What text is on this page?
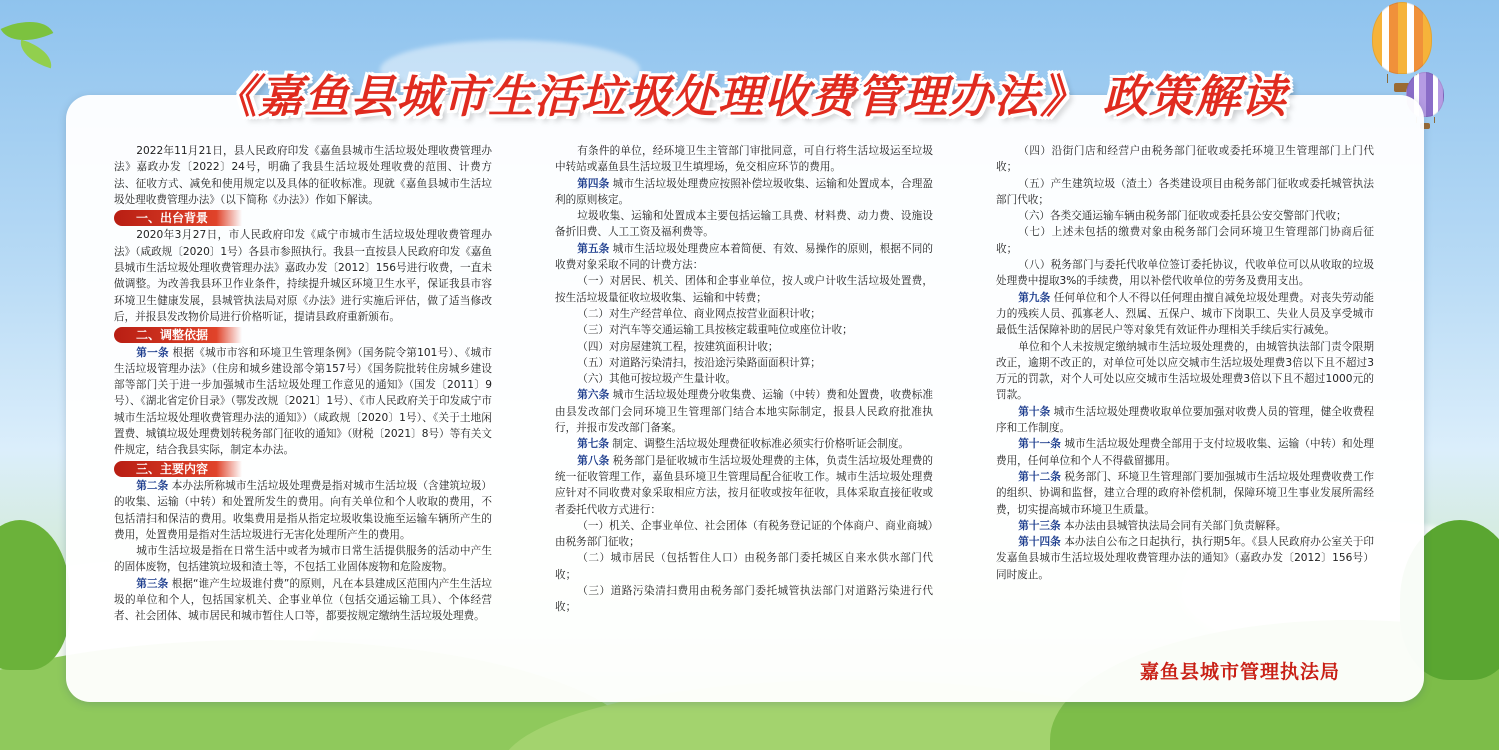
《嘉鱼县城市生活垃圾处理收费管理办法》 政策解读

2022年11月21日，县人民政府印发《嘉鱼县城市生活垃圾处理收费管理办法》嘉政办发〔2022〕24号，明确了我县生活垃圾处理收费的范围、计费方法、征收方式、减免和使用规定以及具体的征收标准。现就《嘉鱼县城市生活垃圾处理收费管理办法》（以下简称《办法》）作如下解读。

一、出台背景

2020年3月27日，市人民政府印发《咸宁市城市生活垃圾处理收费管理办法》（咸政规〔2020〕1号）各县市参照执行。我县一直按县人民政府印发《嘉鱼县城市生活垃圾处理收费管理办法》嘉政办发〔2012〕156号进行收费，一直未做调整。为改善我县环卫作业条件，持续提升城区环境卫生水平，保证我县市容环境卫生健康发展，县城管执法局对原《办法》进行实施后评估，做了适当修改后，并报县发改物价局进行价格听证，提请县政府重新颁布。

二、调整依据

第一条 根据《城市市容和环境卫生管理条例》（国务院令第101号）、《城市生活垃圾管理办法》（住房和城乡建设部令第157号）《国务院批转住房城乡建设部等部门关于进一步加强城市生活垃圾处理工作意见的通知》（国发〔2011〕9号）、《湖北省定价目录》（鄂发改规〔2021〕1号）、《市人民政府关于印发咸宁市城市生活垃圾处理收费管理办法的通知》）（咸政规〔2020〕1号）、《关于土地闲置费、城镇垃圾处理费划转税务部门征收的通知》（财税〔2021〕8号）等有关文件规定，结合我县实际，制定本办法。

三、主要内容

第二条 本办法所称城市生活垃圾处理费是指对城市生活垃圾（含建筑垃圾）的收集、运输（中转）和处置所发生的费用。向有关单位和个人收取的费用，不包括清扫和保洁的费用。收集费用是指从指定垃圾收集设施至运输车辆所产生的费用，处置费用是指对生活垃圾进行无害化处理所产生的费用。

城市生活垃圾是指在日常生活中或者为城市日常生活提供服务的活动中产生的固体废物，包括建筑垃圾和渣土等，不包括工业固体废物和危险废物。

第三条 根据“谁产生垃圾谁付费”的原则，凡在本县建成区范围内产生生活垃圾的单位和个人，包括国家机关、企事业单位（包括交通运输工具）、个体经营者、社会团体、城市居民和城市暂住人口等，都要按规定缴纳生活垃圾处理费。

有条件的单位，经环境卫生主管部门审批同意，可自行将生活垃圾运至垃圾中转站或嘉鱼县生活垃圾卫生填埋场，免交相应环节的费用。

第四条 城市生活垃圾处理费应按照补偿垃圾收集、运输和处置成本，合理盈利的原则核定。

垃圾收集、运输和处置成本主要包括运输工具费、材料费、动力费、设施设备折旧费、人工工资及福利费等。

第五条 城市生活垃圾处理费应本着简便、有效、易操作的原则，根据不同的收费对象采取不同的计费方法：

（一）对居民、机关、团体和企事业单位，按人或户计收生活垃圾处置费，按生活垃圾量征收垃圾收集、运输和中转费；

（二）对生产经营单位、商业网点按营业面积计收；

（三）对汽车等交通运输工具按核定载重吨位或座位计收；

（四）对房屋建筑工程，按建筑面积计收；

（五）对道路污染清扫，按沿途污染路面面积计算；

（六）其他可按垃圾产生量计收。

第六条 城市生活垃圾处理费分收集费、运输（中转）费和处置费，收费标准由县发改部门会同环境卫生管理部门结合本地实际制定，报县人民政府批准执行，并报市发改部门备案。

第七条 制定、调整生活垃圾处理费征收标准必须实行价格听证会制度。

第八条 税务部门是征收城市生活垃圾处理费的主体，负责生活垃圾处理费的统一征收管理工作，嘉鱼县环境卫生管理局配合征收工作。城市生活垃圾处理费应针对不同收费对象采取相应方法，按月征收或按年征收，具体采取直接征收或者委托代收方式进行：

（一）机关、企事业单位、社会团体（有税务登记证的个体商户、商业商城）由税务部门征收；

（二）城市居民（包括暂住人口）由税务部门委托城区自来水供水部门代收；

（三）道路污染清扫费用由税务部门委托城管执法部门对道路污染进行代收；

（四）沿街门店和经营户由税务部门征收或委托环境卫生管理部门上门代收；

（五）产生建筑垃圾（渣土）各类建设项目由税务部门征收或委托城管执法部门代收；

（六）各类交通运输车辆由税务部门征收或委托县公安交警部门代收；

（七）上述未包括的缴费对象由税务部门会同环境卫生管理部门协商后征收；

（八）税务部门与委托代收单位签订委托协议，代收单位可以从收取的垃圾处理费中提取3%的手续费，用以补偿代收单位的劳务及费用支出。

第九条 任何单位和个人不得以任何理由擅自减免垃圾处理费。对丧失劳动能力的残疾人员、孤寡老人、烈属、五保户、城市下岗职工、失业人员及享受城市最低生活保障补助的居民户等对象凭有效证件办理相关手续后实行减免。

单位和个人未按规定缴纳城市生活垃圾处理费的，由城管执法部门责令限期改正，逾期不改正的，对单位可处以应交城市生活垃圾处理费3倍以下且不超过3万元的罚款，对个人可处以应交城市生活垃圾处理费3倍以下且不超过1000元的罚款。

第十条 城市生活垃圾处理费收取单位要加强对收费人员的管理，健全收费程序和工作制度。

第十一条 城市生活垃圾处理费全部用于支付垃圾收集、运输（中转）和处理费用，任何单位和个人不得截留挪用。

第十二条 税务部门、环境卫生管理部门要加强城市生活垃圾处理费收费工作的组织、协调和监督，建立合理的政府补偿机制，保障环境卫生事业发展所需经费，切实提高城市环境卫生质量。

第十三条 本办法由县城管执法局会同有关部门负责解释。

第十四条 本办法自公布之日起执行，执行期5年。《县人民政府办公室关于印发嘉鱼县城市生活垃圾处理收费管理办法的通知》（嘉政办发〔2012〕156号）同时废止。

嘉鱼县城市管理执法局
